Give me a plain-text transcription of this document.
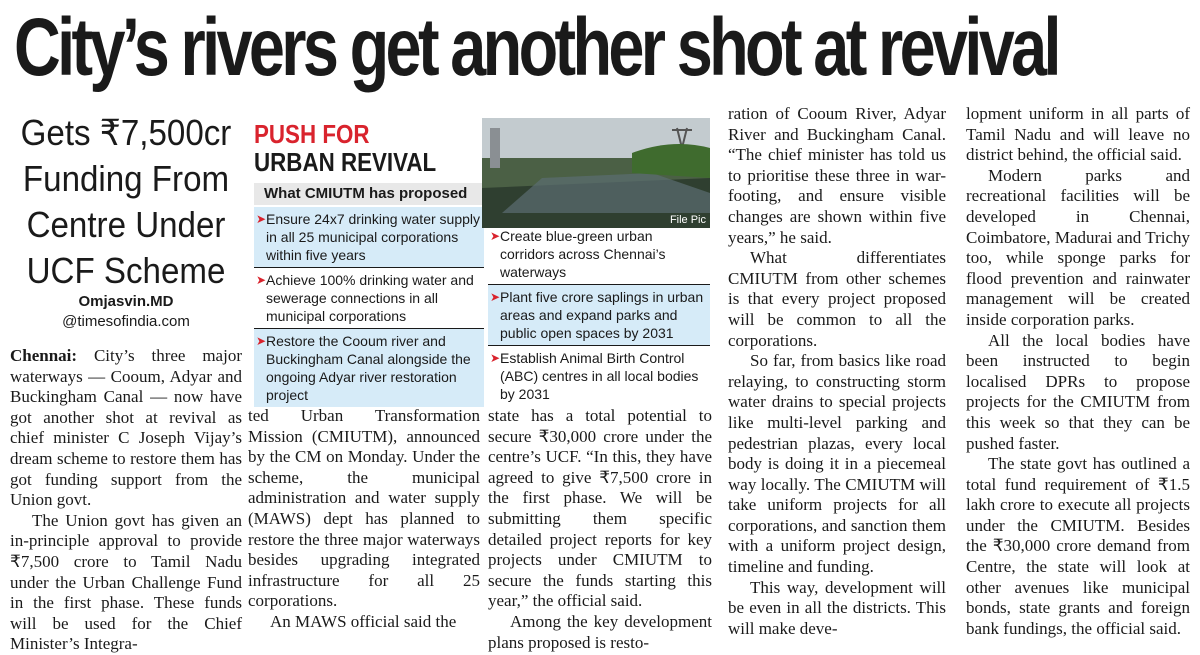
City’s rivers get another shot at revival
Gets ₹7,500cr
Funding From
Centre Under
UCF Scheme
Omjasvin.MD
@timesofindia.com

Chennai: City’s three major waterways — Cooum, Adyar and Buckingham Canal — now have got another shot at revival as chief minister C Joseph Vijay’s dream scheme to restore them has got funding support from the Union govt.

The Union govt has given an in-principle approval to provide ₹7,500 crore to Tamil Nadu under the Urban Challenge Fund in the first phase. These funds will be used for the Chief Minister’s Integra-

PUSH FOR
URBAN REVIVAL
What CMIUTM has proposed
➤ Ensure 24x7 drinking water supply in all 25 municipal corporations within five years
➤ Achieve 100% drinking water and sewerage connections in all municipal corporations
➤ Restore the Cooum river and Buckingham Canal alongside the ongoing Adyar river restoration project
➤ Create blue-green urban corridors across Chennai’s waterways
➤ Plant five crore saplings in urban areas and expand parks and public open spaces by 2031
➤ Establish Animal Birth Control (ABC) centres in all local bodies by 2031
File Pic

ted Urban Transformation Mission (CMIUTM), announced by the CM on Monday. Under the scheme, the municipal administration and water supply (MAWS) dept has planned to restore the three major waterways besides upgrading integrated infrastructure for all 25 corporations.

An MAWS official said the

state has a total potential to secure ₹30,000 crore under the centre’s UCF. “In this, they have agreed to give ₹7,500 crore in the first phase. We will be submitting them specific detailed project reports for key projects under CMIUTM to secure the funds starting this year,” the official said.

Among the key development plans proposed is resto-

ration of Cooum River, Adyar River and Buckingham Canal. “The chief minister has told us to prioritise these three in war-footing, and ensure visible changes are shown within five years,” he said.

What differentiates CMIUTM from other schemes is that every project proposed will be common to all the corporations.

So far, from basics like road relaying, to constructing storm water drains to special projects like multi-level parking and pedestrian plazas, every local body is doing it in a piecemeal way locally. The CMIUTM will take uniform projects for all corporations, and sanction them with a uniform project design, timeline and funding.

This way, development will be even in all the districts. This will make deve-

lopment uniform in all parts of Tamil Nadu and will leave no district behind, the official said.

Modern parks and recreational facilities will be developed in Chennai, Coimbatore, Madurai and Trichy too, while sponge parks for flood prevention and rainwater management will be created inside corporation parks.

All the local bodies have been instructed to begin localised DPRs to propose projects for the CMIUTM from this week so that they can be pushed faster.

The state govt has outlined a total fund requirement of ₹1.5 lakh crore to execute all projects under the CMIUTM. Besides the ₹30,000 crore demand from Centre, the state will look at other avenues like municipal bonds, state grants and foreign bank fundings, the official said.
